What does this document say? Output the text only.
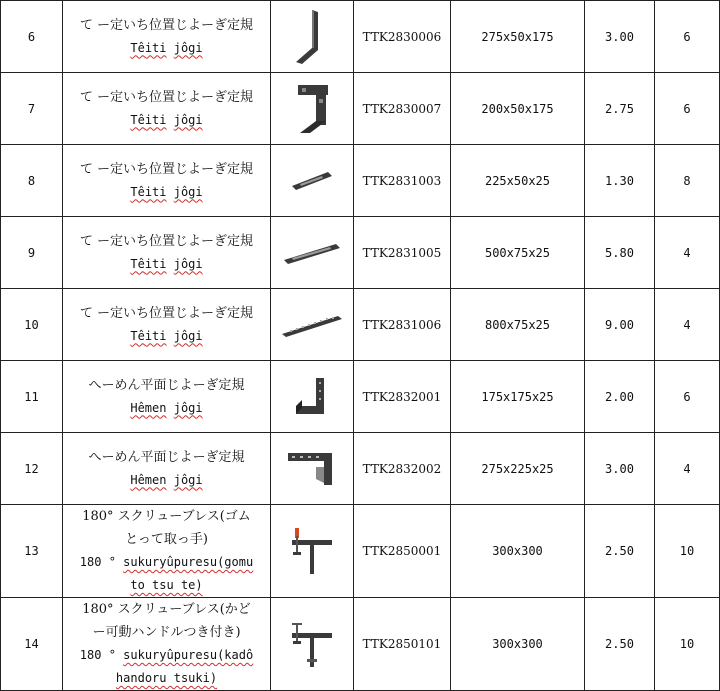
6	て ー定いち位置じよーぎ定規
Têiti jôgi		TTK2830006	275x50x175	3.00	6
7	て ー定いち位置じよーぎ定規
Têiti jôgi		TTK2830007	200x50x175	2.75	6
8	て ー定いち位置じよーぎ定規
Têiti jôgi		TTK2831003	225x50x25	1.30	8
9	て ー定いち位置じよーぎ定規
Têiti jôgi		TTK2831005	500x75x25	5.80	4
10	て ー定いち位置じよーぎ定規
Têiti jôgi		TTK2831006	800x75x25	9.00	4
11	へーめん平面じよーぎ定規
Hêmen jôgi		TTK2832001	175x175x25	2.00	6
12	へーめん平面じよーぎ定規
Hêmen jôgi		TTK2832002	275x225x25	3.00	4
13	180° スクリューブレス(ゴム
とって取っ手)
180 ° sukuryûpuresu(gomu
to tsu te)		TTK2850001	300x300	2.50	10
14	180° スクリューブレス(かど
ー可動ハンドルつき付き)
180 ° sukuryûpuresu(kadô
handoru tsuki)		TTK2850101	300x300	2.50	10
